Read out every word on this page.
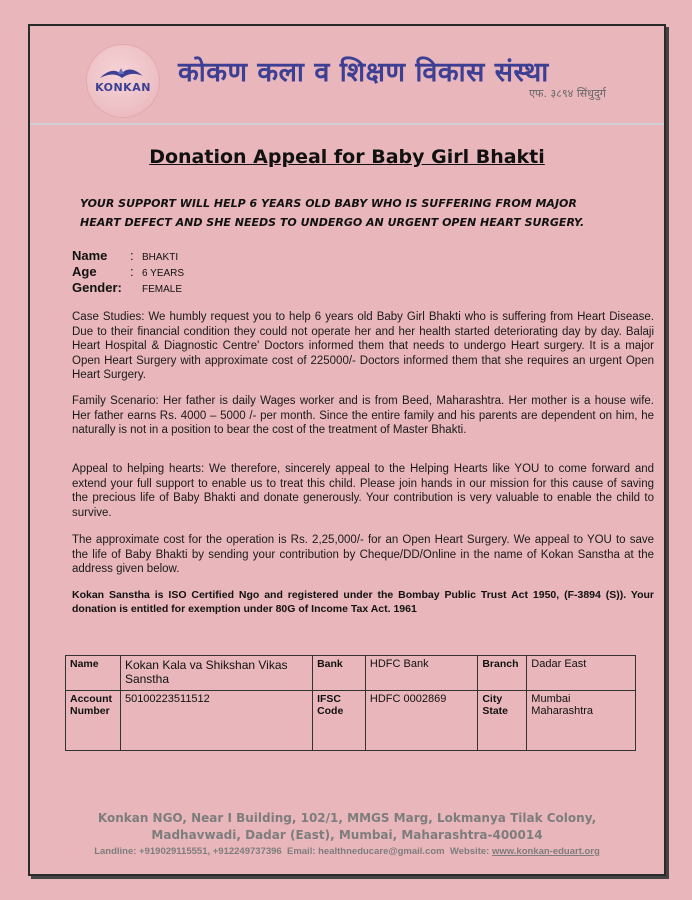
KONKAN कोकण कला व शिक्षण विकास संस्था
एफ. ३८९४ सिंधुदुर्ग
Donation Appeal for Baby Girl Bhakti
YOUR SUPPORT WILL HELP 6 YEARS OLD BABY WHO IS SUFFERING FROM MAJOR HEART DEFECT AND SHE NEEDS TO UNDERGO AN URGENT OPEN HEART SURGERY.
Name	: BHAKTI
Age	: 6 YEARS
Gender:	FEMALE
Case Studies: We humbly request you to help 6 years old Baby Girl Bhakti who is suffering from Heart Disease. Due to their financial condition they could not operate her and her health started deteriorating day by day. Balaji Heart Hospital & Diagnostic Centre' Doctors informed them that needs to undergo Heart surgery. It is a major Open Heart Surgery with approximate cost of 225000/- Doctors informed them that she requires an urgent Open Heart Surgery.
Family Scenario: Her father is daily Wages worker and is from Beed, Maharashtra. Her mother is a house wife. Her father earns Rs. 4000 – 5000 /- per month. Since the entire family and his parents are dependent on him, he naturally is not in a position to bear the cost of the treatment of Master Bhakti.
Appeal to helping hearts: We therefore, sincerely appeal to the Helping Hearts like YOU to come forward and extend your full support to enable us to treat this child. Please join hands in our mission for this cause of saving the precious life of Baby Bhakti and donate generously. Your contribution is very valuable to enable the child to survive.
The approximate cost for the operation is Rs. 2,25,000/- for an Open Heart Surgery. We appeal to YOU to save the life of Baby Bhakti by sending your contribution by Cheque/DD/Online in the name of Kokan Sanstha at the address given below.
Kokan Sanstha is ISO Certified Ngo and registered under the Bombay Public Trust Act 1950, (F-3894 (S)). Your donation is entitled for exemption under 80G of Income Tax Act. 1961
Name	Kokan Kala va Shikshan Vikas Sanstha	Bank	HDFC Bank	Branch	Dadar East
Account Number	50100223511512	IFSC Code	HDFC 0002869	City State	Mumbai Maharashtra
Konkan NGO, Near I Building, 102/1, MMGS Marg, Lokmanya Tilak Colony, Madhavwadi, Dadar (East), Mumbai, Maharashtra-400014
Landline: +919029115551, +912249737396 Email: healthneducare@gmail.com Website: www.konkan-eduart.org
